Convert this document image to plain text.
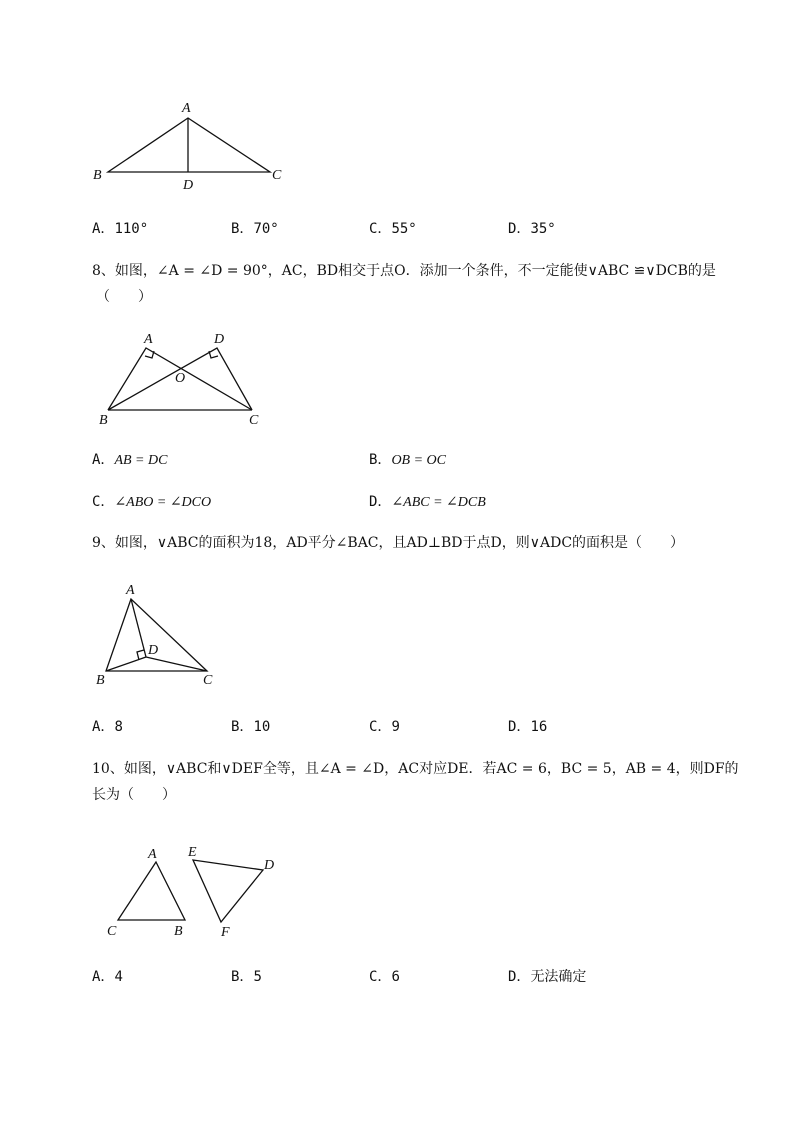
A
B	C
D
A．110°	B．70°	C．55°	D．35°
8、如图，∠A = ∠D = 90°，AC，BD相交于点O．添加一个条件，不一定能使∨ABC ≌∨DCB的是
（　　）
A	D
O
B	C
A．AB = DC	B．OB = OC
C．∠ABO = ∠DCO	D．∠ABC = ∠DCB
9、如图，∨ABC的面积为18，AD平分∠BAC，且AD⊥BD于点D，则∨ADC的面积是（　　）
A
D
B	C
A．8	B．10	C．9	D．16
10、如图，∨ABC和∨DEF全等，且∠A = ∠D，AC对应DE．若AC = 6，BC = 5，AB = 4，则DF的
长为（　　）
A
C	B
E
D
F
A．4	B．5	C．6	D．无法确定
